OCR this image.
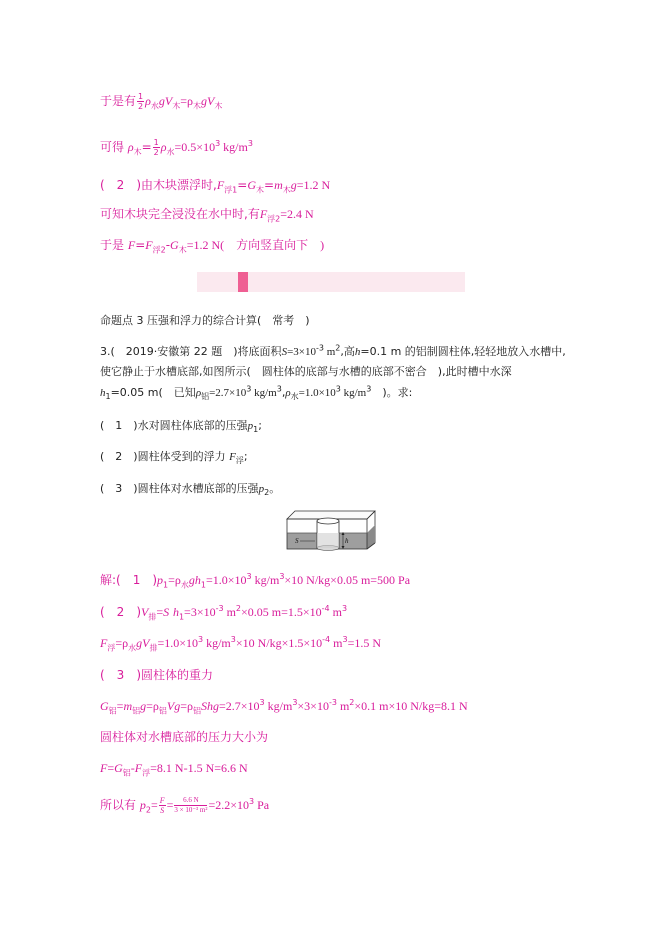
于是有 $\frac{1}{2} \rho_水gV_木=\rho_木gV_木$
可得 $\rho_木= \frac{1}{2} \rho_水=0.5\times 10^3$ $kg/m^3$
(　2　)由木块漂浮时$,F_{浮1}=G_木=m_木g=1.2$ N
可知木块完全浸没在水中时,有$F_{浮2}=2.4$ N
于是 $F=F_{浮2}-G_木=1.2$ N(　方向竖直向下　)
命题点 3 压强和浮力的综合计算(　常考　)
3.(　2019·安徽第 22 题　)将底面积$S=3\times 10^{-3}$ $m^2$,高h=0.1 m 的铝制圆柱体,轻轻地放入水槽中,
使它静止于水槽底部,如图所示(　圆柱体的底部与水槽的底部不密合　),此时槽中水深
$h_1=0.05$ m(　已知$\rho_铝=2.7\times 10^3$ $kg/m^3,\rho_水=1.0\times 10^3$ $kg/m^3$　)。求:
(　1　)水对圆柱体底部的压强$p_1$;
(　2　)圆柱体受到的浮力 $F_浮$;
(　3　)圆柱体对水槽底部的压强$p_2$。
h
S
解:(　1　)$p_1=\rho_水gh_1=1.0\times 10^3$ $kg/m^3\times 10$ N/kg×0.05 m=500 Pa
(　2　)$V_排=S$ $h_1=3\times 10^{-3}$ $m^2\times 0.05$ $m=1.5\times 10^{-4}$ $m^3$
$F_浮=\rho_水gV_排=1.0\times 10^3$ $kg/m^3\times 10$ $N/kg\times 1.5\times 10^{-4}$ $m^3=1.5$ N
(　3　)圆柱体的重力
$G_铝=m_铝g=\rho_铝Vg=\rho_铝Shg=2.7\times 10^3$ $kg/m^3\times 3\times 10^{-3}$ $m^2\times 0.1$ m×10 N/kg=8.1 N
圆柱体对水槽底部的压力大小为
$F=G_铝-F_浮=8.1$ N-1.5 N=6.6 N
所以有 $p_2= \frac{F}{S} = \frac{6.6 N}{\text{3 × 10⁻³ m²}} =2.2\times 10^3$ Pa
